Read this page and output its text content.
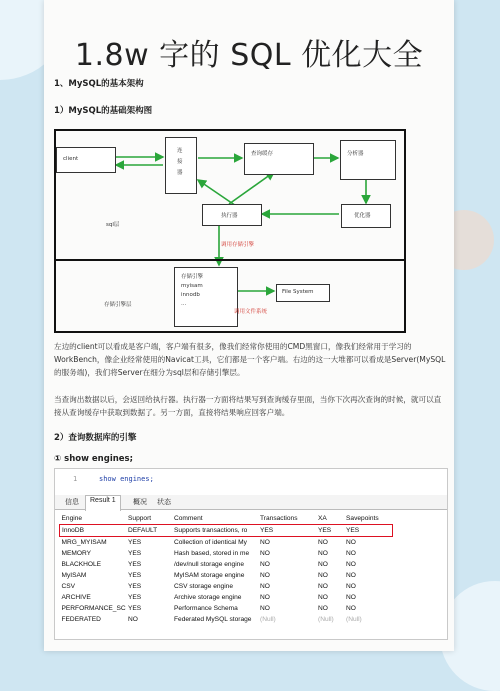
1.8w 字的 SQL 优化大全
1、MySQL的基本架构
1）MySQL的基础架构图
client
连
接
器
查询缓存	分析器
优化器
执行器
sql层
调用存储引擎
存储引擎
myisam
innodb
...
File System
调用文件系统
存储引擎层

左边的client可以看成是客户端，客户端有很多，像我们经常你使用的CMD黑窗口，像我们经常用于学习的WorkBench，像企业经常使用的Navicat工具，它们都是一个客户端。右边的这一大堆都可以看成是Server(MySQL的服务端)，我们将Server在细分为sql层和存储引擎层。

当查询出数据以后，会返回给执行器。执行器一方面将结果写到查询缓存里面，当你下次再次查询的时候，就可以直接从查询缓存中获取到数据了。另一方面，直接将结果响应回客户端。

2）查询数据库的引擎
① show engines;
1	show engines;
信息	Result 1	概况	状态
Engine	Support	Comment	Transactions	XA	Savepoints
InnoDB	DEFAULT	Supports transactions, ro	YES	YES	YES
MRG_MYISAM	YES	Collection of identical My	NO	NO	NO
MEMORY	YES	Hash based, stored in me	NO	NO	NO
BLACKHOLE	YES	/dev/null storage engine	NO	NO	NO
MyISAM	YES	MyISAM storage engine	NO	NO	NO
CSV	YES	CSV storage engine	NO	NO	NO
ARCHIVE	YES	Archive storage engine	NO	NO	NO
PERFORMANCE_SC	YES	Performance Schema	NO	NO	NO
FEDERATED	NO	Federated MySQL storage	(Null)	(Null)	(Null)
